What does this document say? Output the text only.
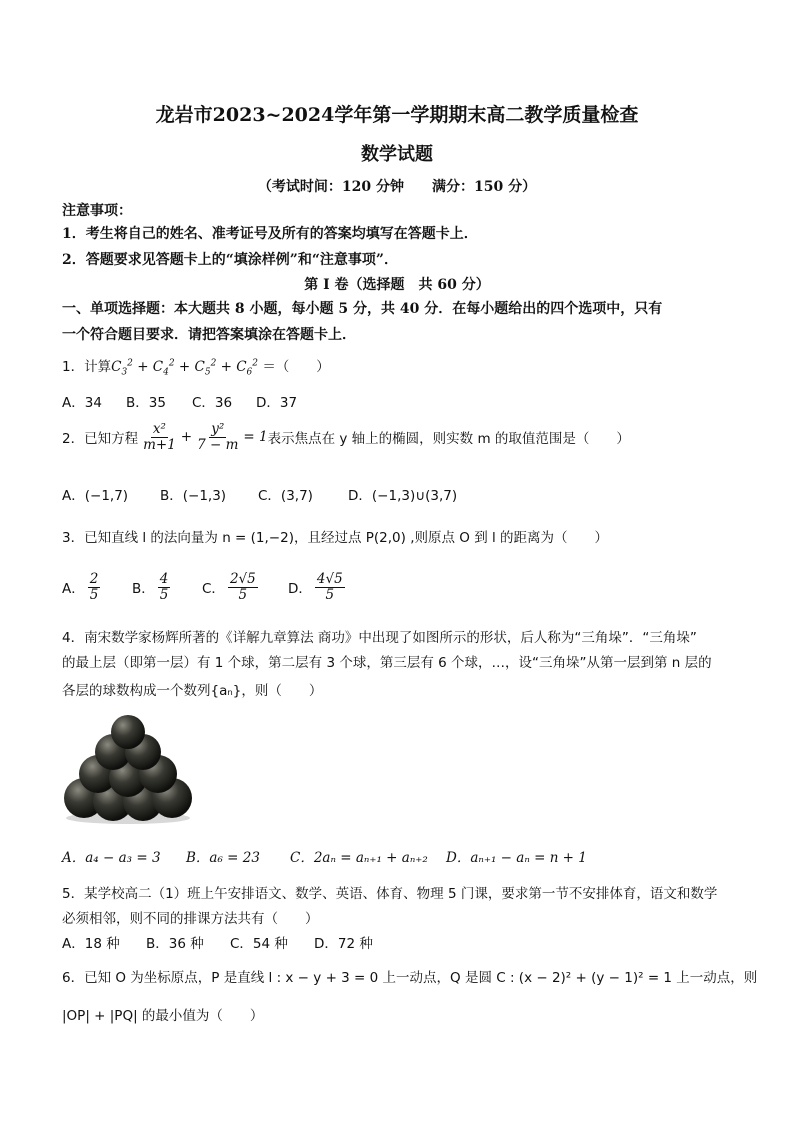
龙岩市2023~2024学年第一学期期末高二教学质量检查
数学试题
（考试时间：120 分钟　　满分：150 分）
注意事项：
1．考生将自己的姓名、准考证号及所有的答案均填写在答题卡上．
2．答题要求见答题卡上的“填涂样例”和“注意事项”．
第 I 卷（选择题　共 60 分）
一、单项选择题：本大题共 8 小题，每小题 5 分，共 40 分．在每小题给出的四个选项中，只有
一个符合题目要求．请把答案填涂在答题卡上．
1．计算$C_3^2 + C_4^2 + C_5^2 + C_6^2$ ＝（　　）
A．34 B．35 C．36 D．37
2．已知方程 $\frac{\text{x²}}{m+1} + \frac{\text{y²}}{7 - m} = 1$ 表示焦点在 y 轴上的椭圆，则实数 m 的取值范围是（　　）
A．(−1,7) B．(−1,3) C．(3,7)	D．(−1,3)∪(3,7)
3．已知直线 l 的法向量为 n = (1,−2)，且经过点 P(2,0) ,则原点 O 到 l 的距离为（　　）
A． $\frac{2}{5}$ B． $\frac{4}{5}$ C． $\frac{2√5}{5}$ D． $\frac{4√5}{5}$
4．南宋数学家杨辉所著的《详解九章算法 商功》中出现了如图所示的形状，后人称为“三角垛”．“三角垛”
的最上层（即第一层）有 1 个球，第二层有 3 个球，第三层有 6 个球，…，设“三角垛”从第一层到第 n 层的
各层的球数构成一个数列{aₙ}，则（　　）
A．a₄ − a₃ = 3 B．a₆ = 23 C．2aₙ = aₙ₊₁ + aₙ₊₂ D．aₙ₊₁ − aₙ = n + 1
5．某学校高二（1）班上午安排语文、数学、英语、体育、物理 5 门课，要求第一节不安排体育，语文和数学
必须相邻，则不同的排课方法共有（　　）
A．18 种 B．36 种 C．54 种 D．72 种
6．已知 O 为坐标原点，P 是直线 l : x − y + 3 = 0 上一动点，Q 是圆 C : (x − 2)² + (y − 1)² = 1 上一动点，则
|OP| + |PQ| 的最小值为（　　）
